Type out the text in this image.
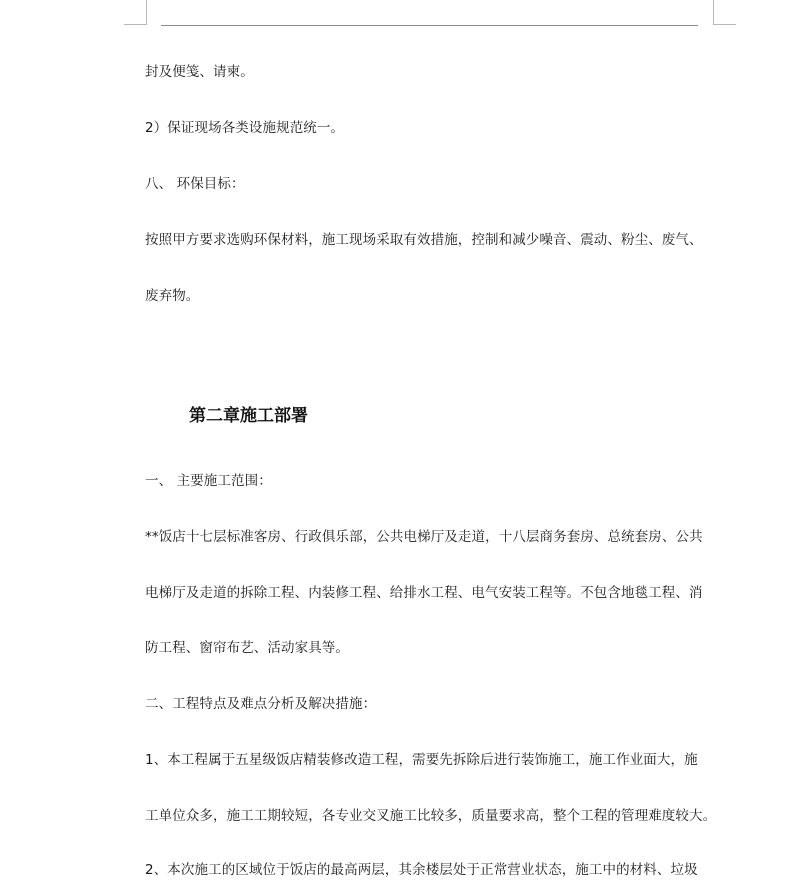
封及便笺、请柬。
2）保证现场各类设施规范统一。
八、 环保目标：
按照甲方要求选购环保材料，施工现场采取有效措施，控制和减少噪音、震动、粉尘、废气、
废弃物。
第二章施工部署
一、 主要施工范围：
**饭店十七层标准客房、行政俱乐部，公共电梯厅及走道，十八层商务套房、总统套房、公共
电梯厅及走道的拆除工程、内装修工程、给排水工程、电气安装工程等。不包含地毯工程、消
防工程、窗帘布艺、活动家具等。
二、工程特点及难点分析及解决措施：
1、本工程属于五星级饭店精装修改造工程，需要先拆除后进行装饰施工，施工作业面大，施
工单位众多，施工工期较短，各专业交叉施工比较多，质量要求高，整个工程的管理难度较大。
2、本次施工的区域位于饭店的最高两层，其余楼层处于正常营业状态，施工中的材料、垃圾
